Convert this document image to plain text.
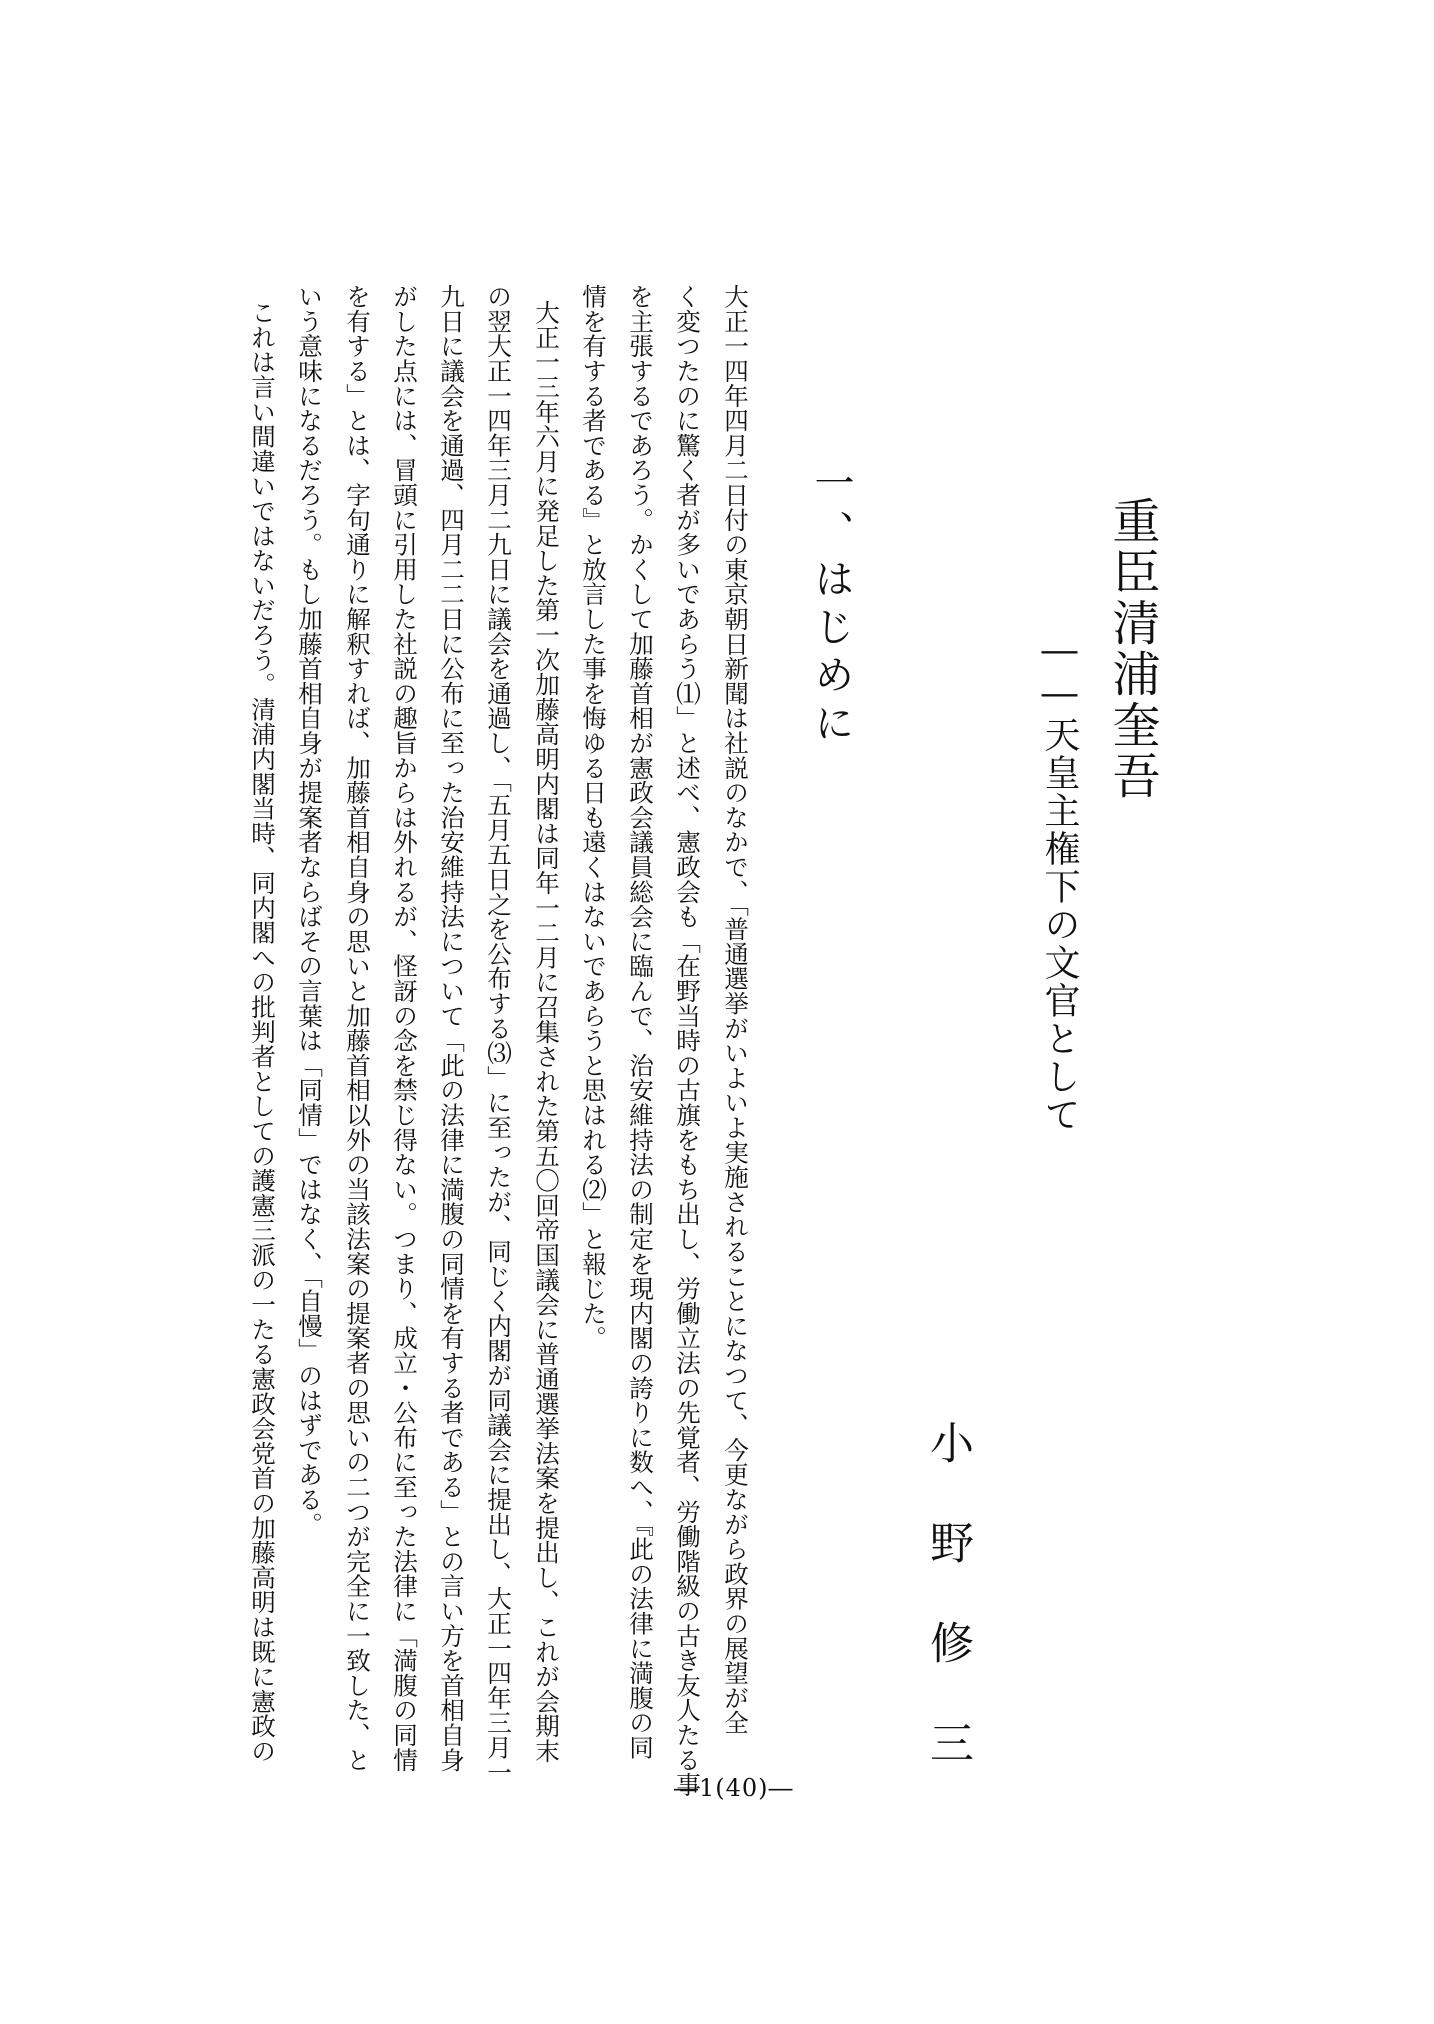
重臣清浦奎吾
――天皇主権下の文官として
小野修三
一、はじめに
大正一四年四月二日付の東京朝日新聞は社説のなかで、「普通選挙がいよいよ実施されることになつて、今更ながら政界の展望が全
く変つたのに驚く者が多いであらう⑴」と述べ、憲政会も「在野当時の古旗をもち出し、労働立法の先覚者、労働階級の古き友人たる事
を主張するであろう。かくして加藤首相が憲政会議員総会に臨んで、治安維持法の制定を現内閣の誇りに数へ、『此の法律に満腹の同
情を有する者である』と放言した事を悔ゆる日も遠くはないであらうと思はれる⑵」と報じた。
大正一三年六月に発足した第一次加藤高明内閣は同年一二月に召集された第五〇回帝国議会に普通選挙法案を提出し、これが会期末
の翌大正一四年三月二九日に議会を通過し、「五月五日之を公布する⑶」に至ったが、同じく内閣が同議会に提出し、大正一四年三月一
九日に議会を通過、四月二二日に公布に至った治安維持法について「此の法律に満腹の同情を有する者である」との言い方を首相自身
がした点には、冒頭に引用した社説の趣旨からは外れるが、怪訝の念を禁じ得ない。つまり、成立・公布に至った法律に「満腹の同情
を有する」とは、字句通りに解釈すれば、加藤首相自身の思いと加藤首相以外の当該法案の提案者の思いの二つが完全に一致した、と
いう意味になるだろう。もし加藤首相自身が提案者ならばその言葉は「同情」ではなく、「自慢」のはずである。
これは言い間違いではないだろう。清浦内閣当時、同内閣への批判者としての護憲三派の一たる憲政会党首の加藤高明は既に憲政の
―1(40)―
